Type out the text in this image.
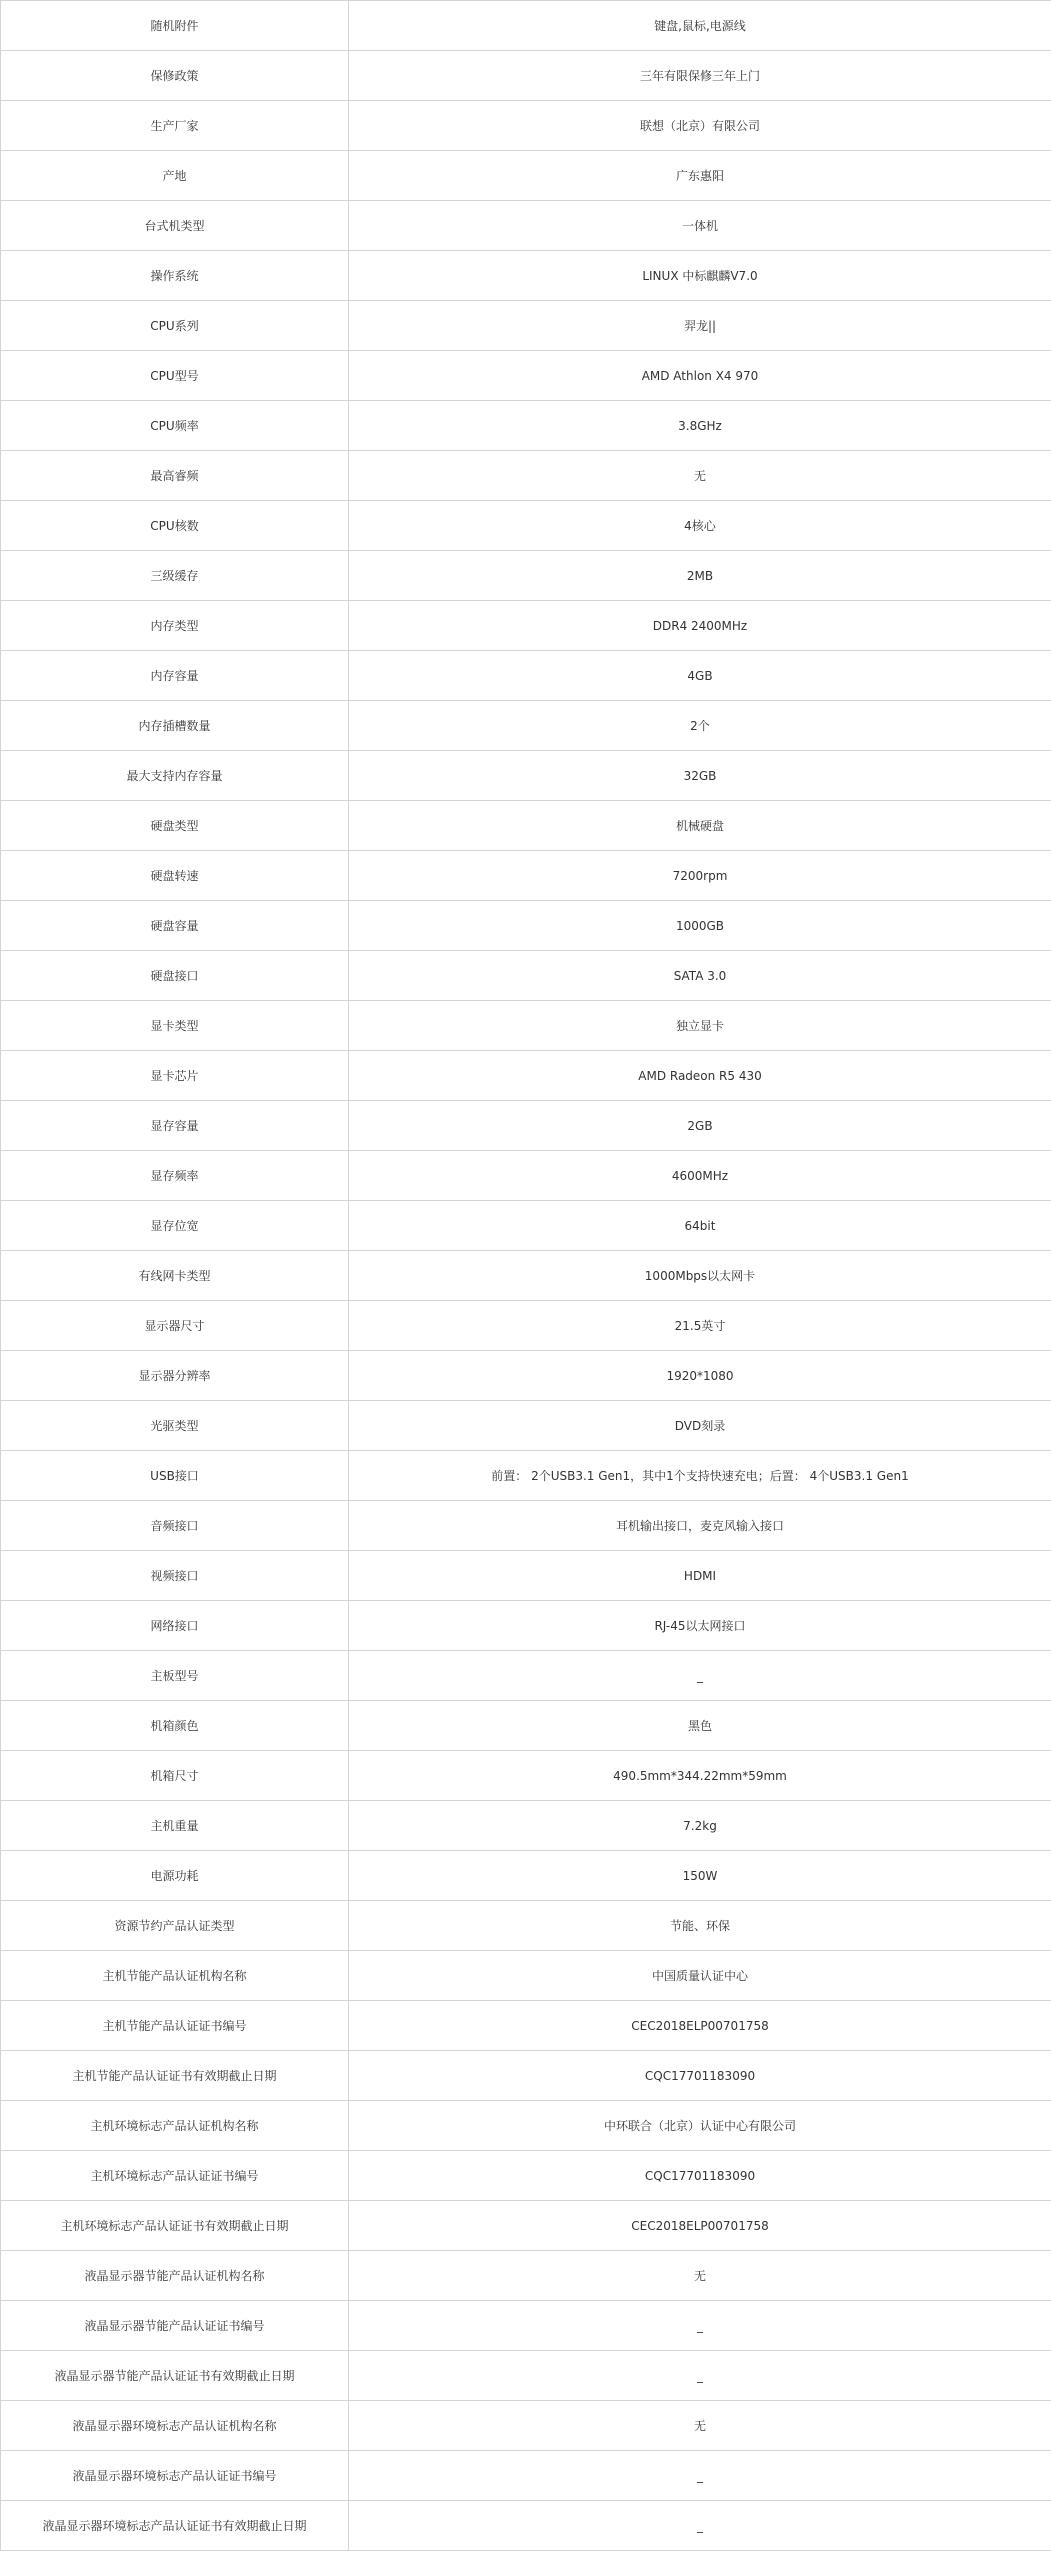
随机附件	键盘,鼠标,电源线
保修政策	三年有限保修三年上门
生产厂家	联想（北京）有限公司
产地	广东惠阳
台式机类型	一体机
操作系统	LINUX 中标麒麟V7.0
CPU系列	羿龙||
CPU型号	AMD Athlon X4 970
CPU频率	3.8GHz
最高睿频	无
CPU核数	4核心
三级缓存	2MB
内存类型	DDR4 2400MHz
内存容量	4GB
内存插槽数量	2个
最大支持内存容量	32GB
硬盘类型	机械硬盘
硬盘转速	7200rpm
硬盘容量	1000GB
硬盘接口	SATA 3.0
显卡类型	独立显卡
显卡芯片	AMD Radeon R5 430
显存容量	2GB
显存频率	4600MHz
显存位宽	64bit
有线网卡类型	1000Mbps以太网卡
显示器尺寸	21.5英寸
显示器分辨率	1920*1080
光驱类型	DVD刻录
USB接口	前置： 2个USB3.1 Gen1，其中1个支持快速充电；后置： 4个USB3.1 Gen1
音频接口	耳机输出接口，麦克风输入接口
视频接口	HDMI
网络接口	RJ-45以太网接口
主板型号	_
机箱颜色	黑色
机箱尺寸	490.5mm*344.22mm*59mm
主机重量	7.2kg
电源功耗	150W
资源节约产品认证类型	节能、环保
主机节能产品认证机构名称	中国质量认证中心
主机节能产品认证证书编号	CEC2018ELP00701758
主机节能产品认证证书有效期截止日期	CQC17701183090
主机环境标志产品认证机构名称	中环联合（北京）认证中心有限公司
主机环境标志产品认证证书编号	CQC17701183090
主机环境标志产品认证证书有效期截止日期	CEC2018ELP00701758
液晶显示器节能产品认证机构名称	无
液晶显示器节能产品认证证书编号	_
液晶显示器节能产品认证证书有效期截止日期	_
液晶显示器环境标志产品认证机构名称	无
液晶显示器环境标志产品认证证书编号	_
液晶显示器环境标志产品认证证书有效期截止日期	_
